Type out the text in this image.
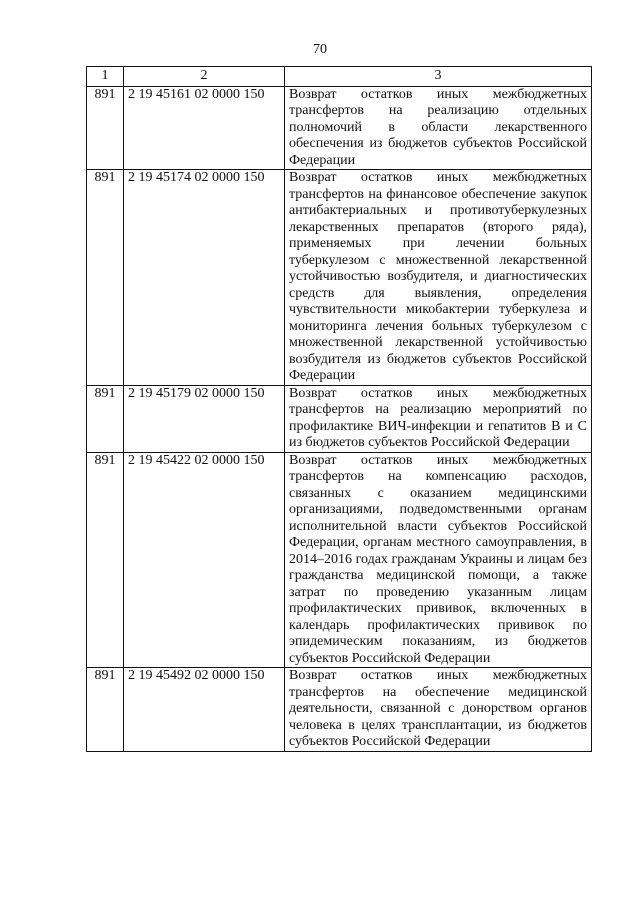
70
1	2	3
891	2 19 45161 02 0000 150	Возврат остатков иных межбюджетных трансфертов на реализацию отдельных полномочий в области лекарственного обеспечения из бюджетов субъектов Российской Федерации
891	2 19 45174 02 0000 150	Возврат остатков иных межбюджетных трансфертов на финансовое обеспечение закупок антибактериальных и противотуберкулезных лекарственных препаратов (второго ряда), применяемых при лечении больных туберкулезом с множественной лекарственной устойчивостью возбудителя, и диагностических средств для выявления, определения чувствительности микобактерии туберкулеза и мониторинга лечения больных туберкулезом с множественной лекарственной устойчивостью возбудителя из бюджетов субъектов Российской Федерации
891	2 19 45179 02 0000 150	Возврат остатков иных межбюджетных трансфертов на реализацию мероприятий по профилактике ВИЧ-инфекции и гепатитов В и С из бюджетов субъектов Российской Федерации
891	2 19 45422 02 0000 150	Возврат остатков иных межбюджетных трансфертов на компенсацию расходов, связанных с оказанием медицинскими организациями, подведомственными органам исполнительной власти субъектов Российской Федерации, органам местного самоуправления, в 2014–2016 годах гражданам Украины и лицам без гражданства медицинской помощи, а также затрат по проведению указанным лицам профилактических прививок, включенных в календарь профилактических прививок по эпидемическим показаниям, из бюджетов субъектов Российской Федерации
891	2 19 45492 02 0000 150	Возврат остатков иных межбюджетных трансфертов на обеспечение медицинской деятельности, связанной с донорством органов человека в целях трансплантации, из бюджетов субъектов Российской Федерации
